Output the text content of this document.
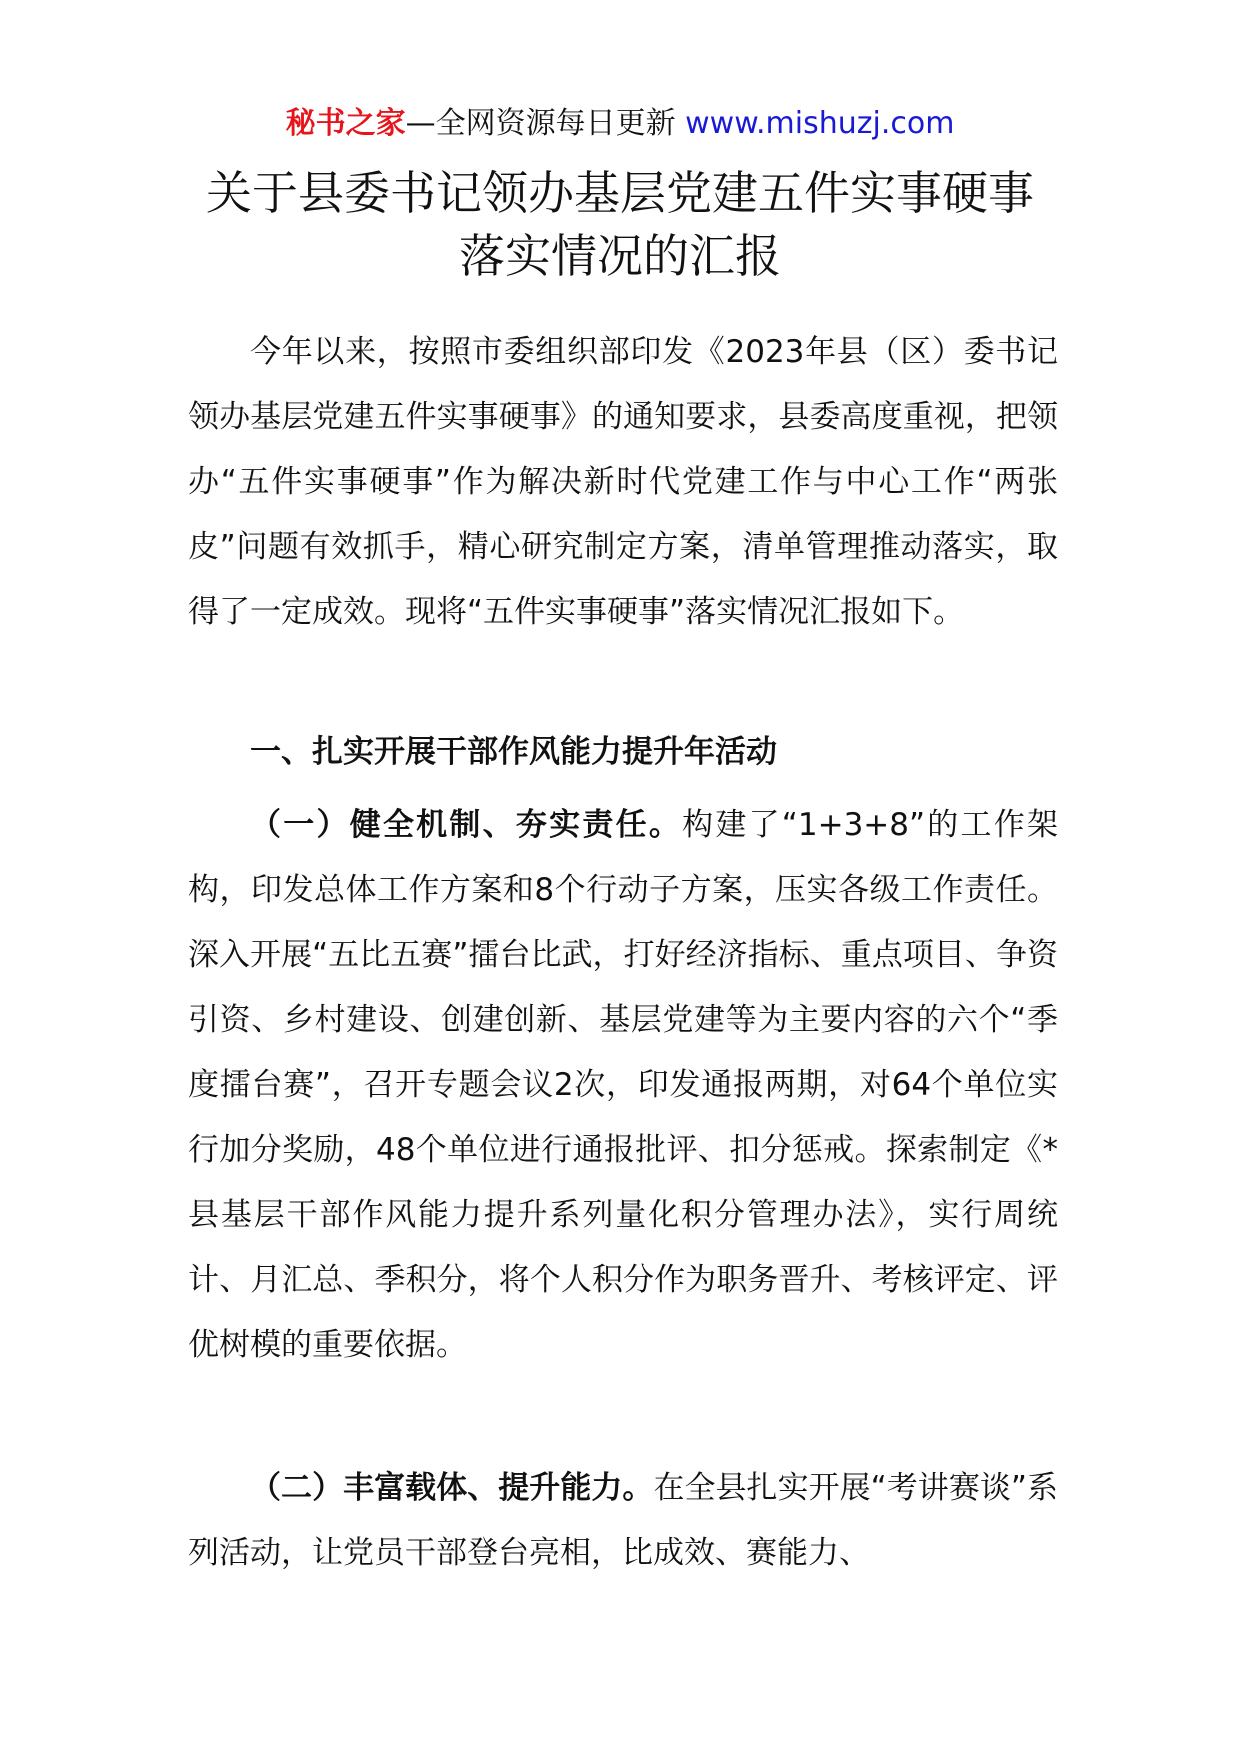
秘书之家—全网资源每日更新 www.mishuzj.com
关于县委书记领办基层党建五件实事硬事
落实情况的汇报

今年以来，按照市委组织部印发《2023年县（区）委书记领办基层党建五件实事硬事》的通知要求，县委高度重视，把领办“五件实事硬事”作为解决新时代党建工作与中心工作“两张皮”问题有效抓手，精心研究制定方案，清单管理推动落实，取得了一定成效。现将“五件实事硬事”落实情况汇报如下。

一、扎实开展干部作风能力提升年活动

（一）健全机制、夯实责任。构建了“1+3+8”的工作架构，印发总体工作方案和8个行动子方案，压实各级工作责任。深入开展“五比五赛”擂台比武，打好经济指标、重点项目、争资引资、乡村建设、创建创新、基层党建等为主要内容的六个“季度擂台赛”，召开专题会议2次，印发通报两期，对64个单位实行加分奖励，48个单位进行通报批评、扣分惩戒。探索制定《*县基层干部作风能力提升系列量化积分管理办法》，实行周统计、月汇总、季积分，将个人积分作为职务晋升、考核评定、评优树模的重要依据。

（二）丰富载体、提升能力。在全县扎实开展“考讲赛谈”系列活动，让党员干部登台亮相，比成效、赛能力、
